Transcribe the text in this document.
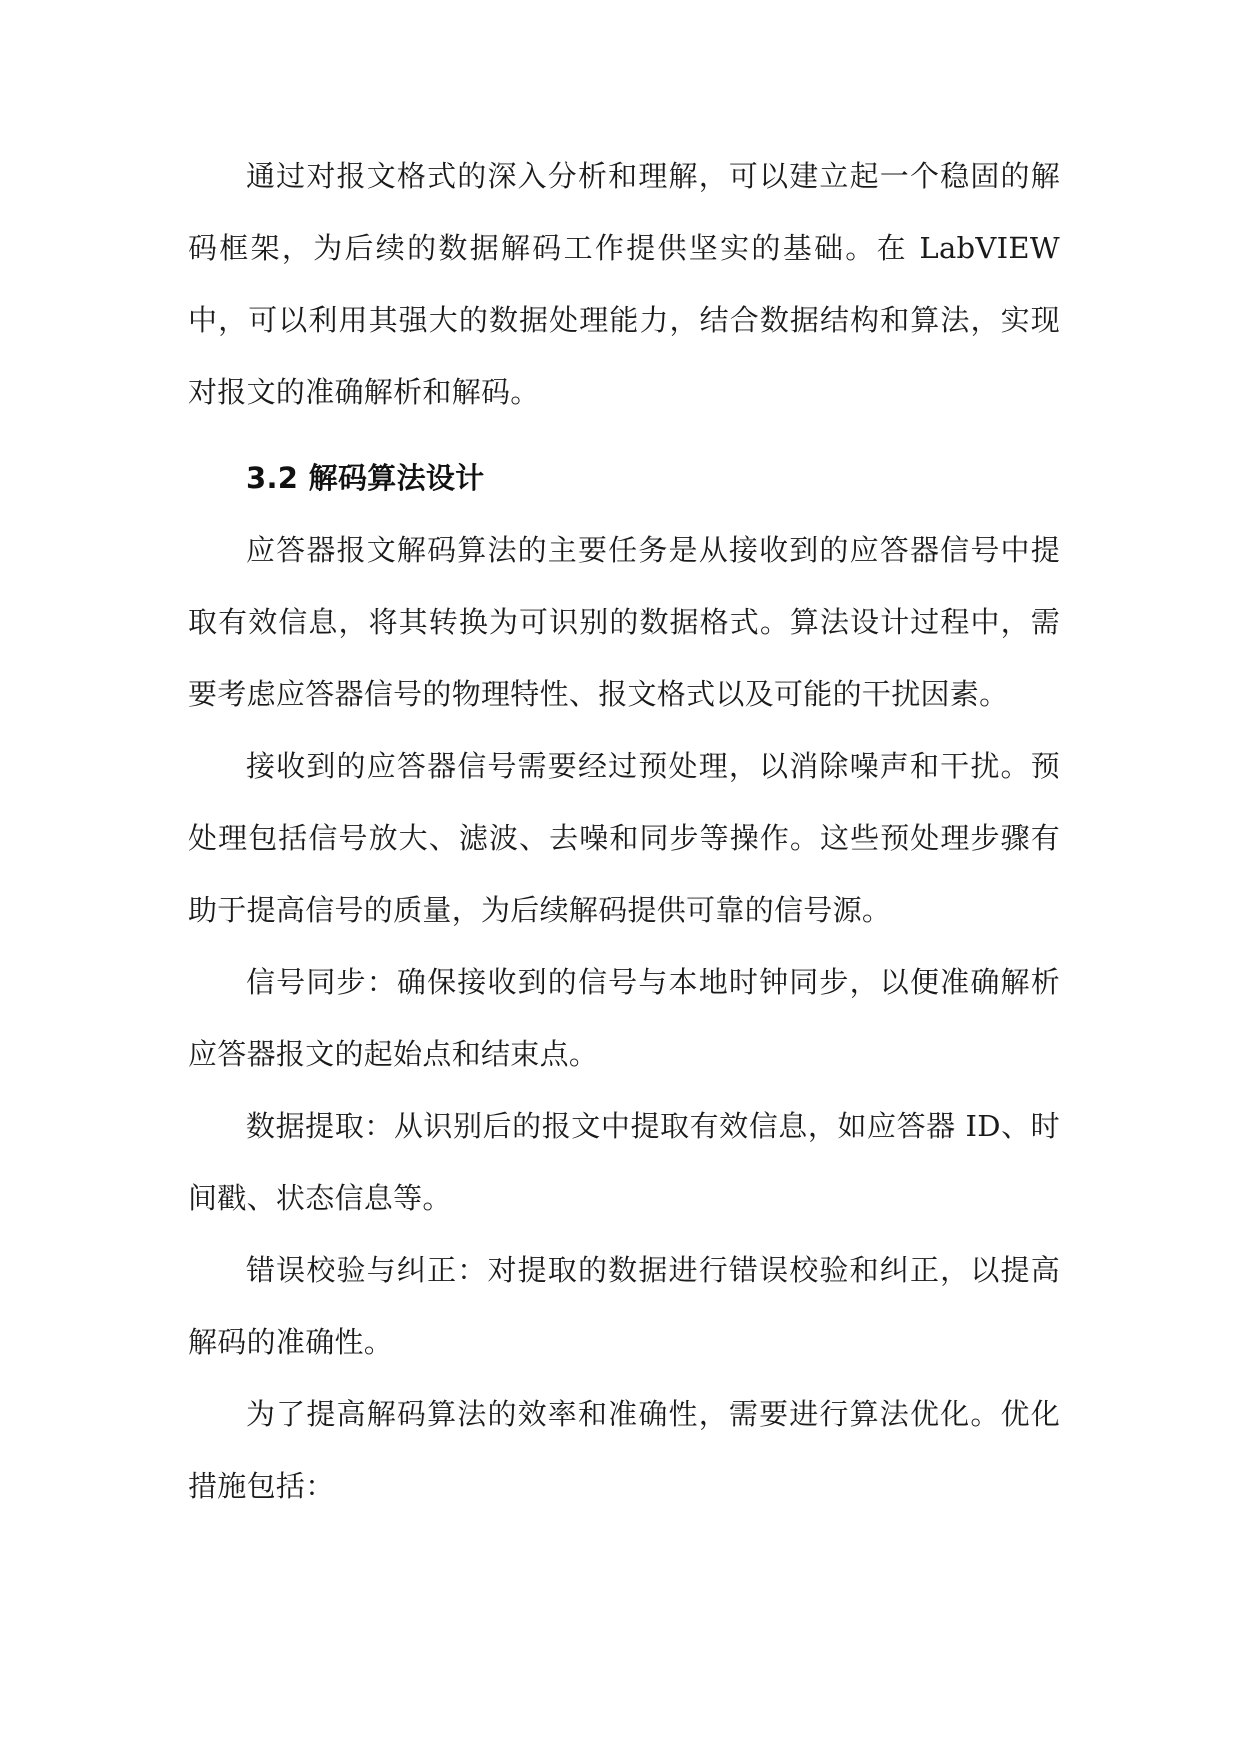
通过对报文格式的深入分析和理解，可以建立起一个稳固的解码框架，为后续的数据解码工作提供坚实的基础。在 LabVIEW 中，可以利用其强大的数据处理能力，结合数据结构和算法，实现对报文的准确解析和解码。

3.2 解码算法设计

应答器报文解码算法的主要任务是从接收到的应答器信号中提取有效信息，将其转换为可识别的数据格式。算法设计过程中，需要考虑应答器信号的物理特性、报文格式以及可能的干扰因素。

接收到的应答器信号需要经过预处理，以消除噪声和干扰。预处理包括信号放大、滤波、去噪和同步等操作。这些预处理步骤有助于提高信号的质量，为后续解码提供可靠的信号源。

信号同步：确保接收到的信号与本地时钟同步，以便准确解析应答器报文的起始点和结束点。

数据提取：从识别后的报文中提取有效信息，如应答器 ID、时间戳、状态信息等。

错误校验与纠正：对提取的数据进行错误校验和纠正，以提高解码的准确性。

为了提高解码算法的效率和准确性，需要进行算法优化。优化措施包括：
